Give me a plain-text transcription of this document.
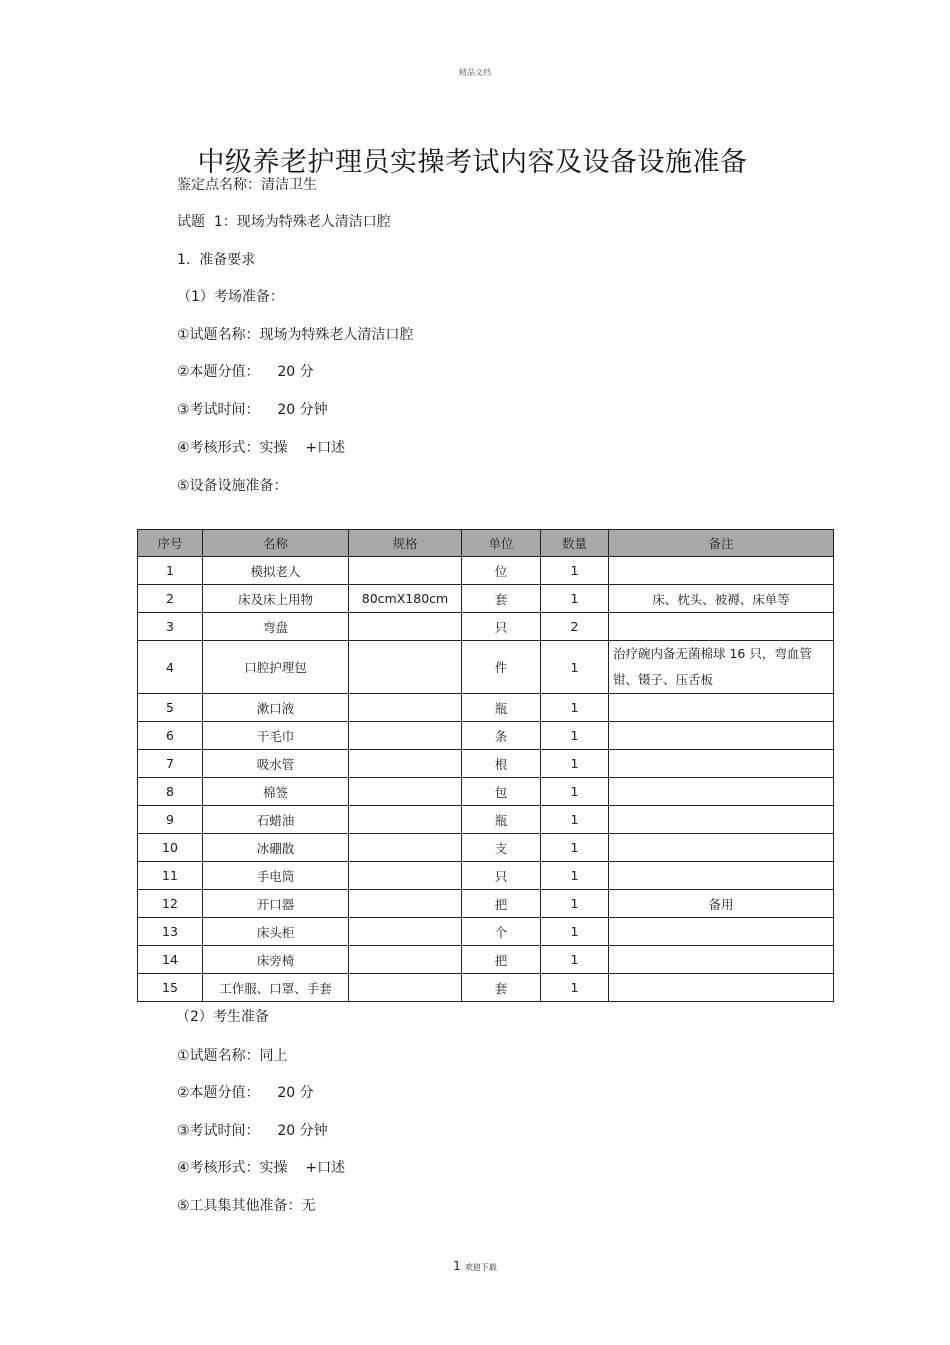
精品文档
中级养老护理员实操考试内容及设备设施准备
鉴定点名称：清洁卫生
试题  1：现场为特殊老人清洁口腔
1.  准备要求
（1）考场准备：
①试题名称：现场为特殊老人清洁口腔
②本题分值：    20 分
③考试时间：    20 分钟
④考核形式：实操    +口述
⑤设备设施准备：
序号	名称	规格	单位	数量	备注
1	模拟老人		位	1	
2	床及床上用物	80cmX180cm	套	1	床、枕头、被褥、床单等
3	弯盘		只	2	
4	口腔护理包		件	1	治疗碗内备无菌棉球 16 只，弯血管钳、镊子、压舌板
5	漱口液		瓶	1	
6	干毛巾		条	1	
7	吸水管		根	1	
8	棉签		包	1	
9	石蜡油		瓶	1	
10	冰硼散		支	1	
11	手电筒		只	1	
12	开口器		把	1	备用
13	床头柜		个	1	
14	床旁椅		把	1	
15	工作服、口罩、手套		套	1	
（2）考生准备
①试题名称：同上
②本题分值：    20 分
③考试时间：    20 分钟
④考核形式：实操    +口述
⑤工具集其他准备：无
1 欢迎下载
